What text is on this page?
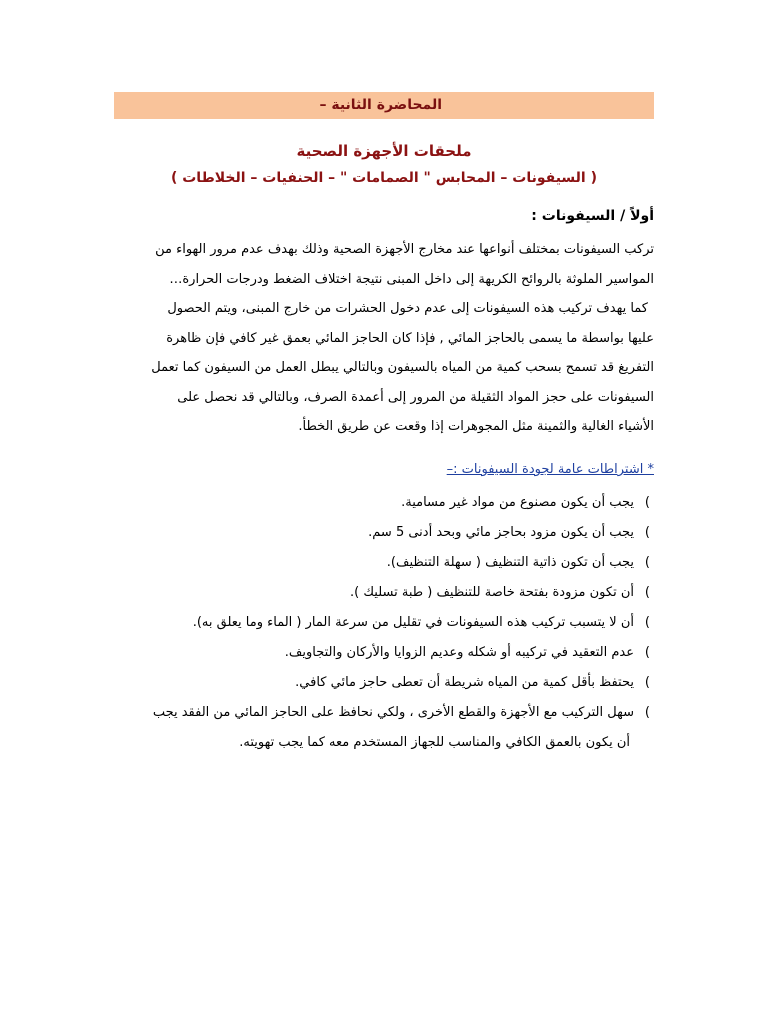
المحاضرة الثانية –
ملحقات الأجهزة الصحية
( السيفونات – المحابس " الصمامات " – الحنفيات – الخلاطات )
أولاً / السيفونات :
تركب السيفونات بمختلف أنواعها عند مخارج الأجهزة الصحية وذلك بهدف عدم مرور الهواء من
المواسير الملوثة بالروائح الكريهة إلى داخل المبنى نتيجة اختلاف الضغط ودرجات الحرارة…
كما يهدف تركيب هذه السيفونات إلى عدم دخول الحشرات من خارج المبنى، ويتم الحصول
عليها بواسطة ما يسمى بالحاجز المائي , فإذا كان الحاجز المائي بعمق غير كافي فإن ظاهرة
التفريغ قد تسمح بسحب كمية من المياه بالسيفون وبالتالي يبطل العمل من السيفون كما تعمل
السيفونات على حجز المواد الثقيلة من المرور إلى أعمدة الصرف، وبالتالي قد نحصل على
الأشياء الغالية والثمينة مثل المجوهرات إذا وقعت عن طريق الخطأ.
* اشتراطات عامة لجودة السيفونات :–
)
يجب أن يكون مصنوع من مواد غير مسامية.
)
يجب أن يكون مزود بحاجز مائي وبحد أدنى 5 سم.
)
يجب أن تكون ذاتية التنظيف ( سهلة التنظيف).
)
أن تكون مزودة بفتحة خاصة للتنظيف ( طبة تسليك ).
)
أن لا يتسبب تركيب هذه السيفونات في تقليل من سرعة المار ( الماء وما يعلق به).
)
عدم التعقيد في تركيبه أو شكله وعديم الزوايا والأركان والتجاويف.
)
يحتفظ بأقل كمية من المياه شريطة أن تعطى حاجز مائي كافي.
)
سهل التركيب مع الأجهزة والقطع الأخرى ، ولكي نحافظ على الحاجز المائي من الفقد يجب
أن يكون بالعمق الكافي والمناسب للجهاز المستخدم معه كما يجب تهويته.
